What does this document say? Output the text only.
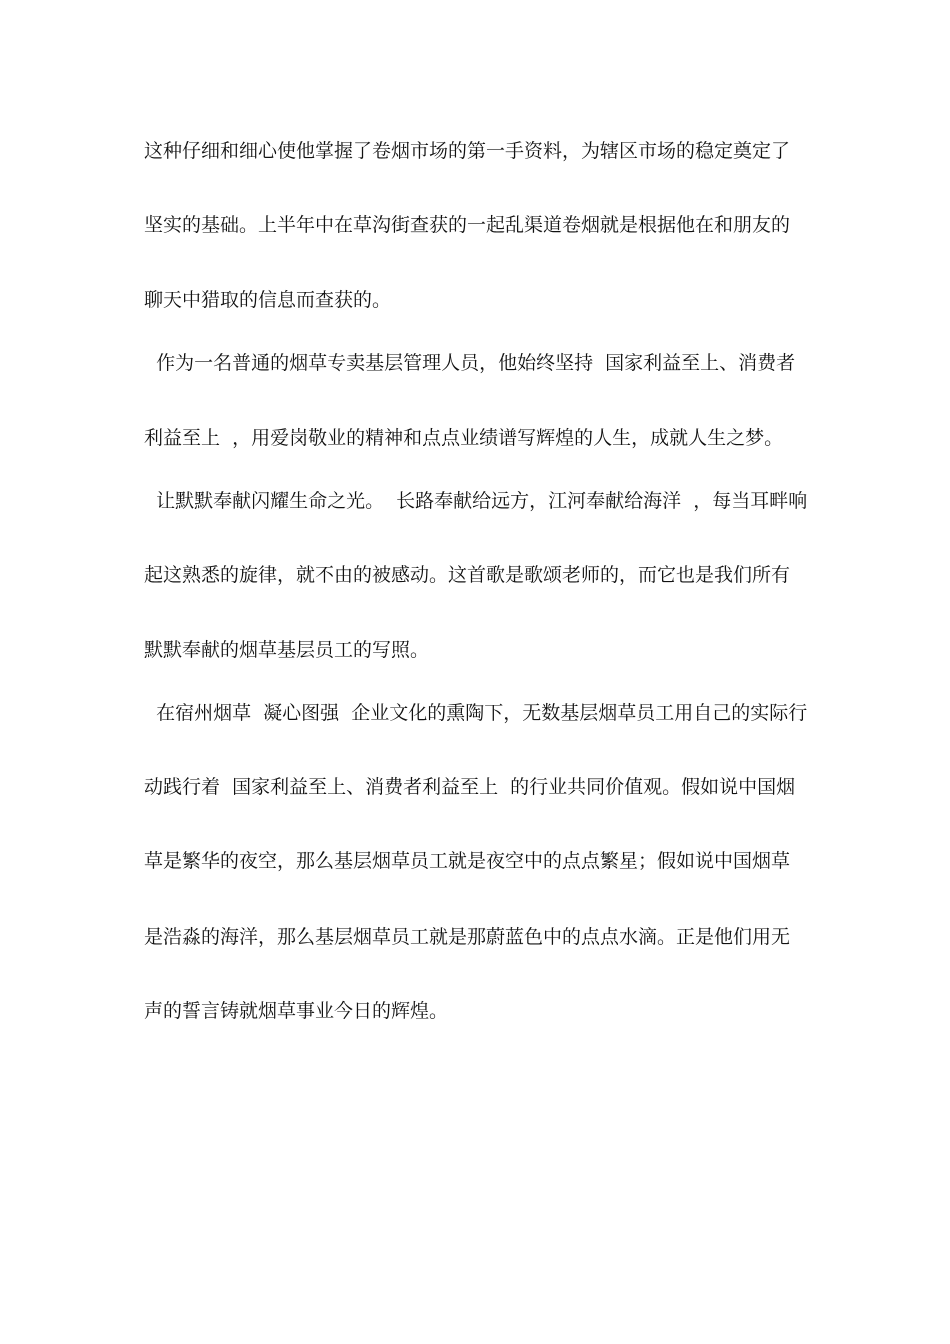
这种仔细和细心使他掌握了卷烟市场的第一手资料，为辖区市场的稳定奠定了
坚实的基础。上半年中在草沟街查获的一起乱渠道卷烟就是根据他在和朋友的
聊天中猎取的信息而查获的。
作为一名普通的烟草专卖基层管理人员，他始终坚持  国家利益至上、消费者
利益至上  ，用爱岗敬业的精神和点点业绩谱写辉煌的人生，成就人生之梦。
让默默奉献闪耀生命之光。  长路奉献给远方，江河奉献给海洋  ，每当耳畔响
起这熟悉的旋律，就不由的被感动。这首歌是歌颂老师的，而它也是我们所有
默默奉献的烟草基层员工的写照。
在宿州烟草  凝心图强  企业文化的熏陶下，无数基层烟草员工用自己的实际行
动践行着  国家利益至上、消费者利益至上  的行业共同价值观。假如说中国烟
草是繁华的夜空，那么基层烟草员工就是夜空中的点点繁星；假如说中国烟草
是浩淼的海洋，那么基层烟草员工就是那蔚蓝色中的点点水滴。正是他们用无
声的誓言铸就烟草事业今日的辉煌。
